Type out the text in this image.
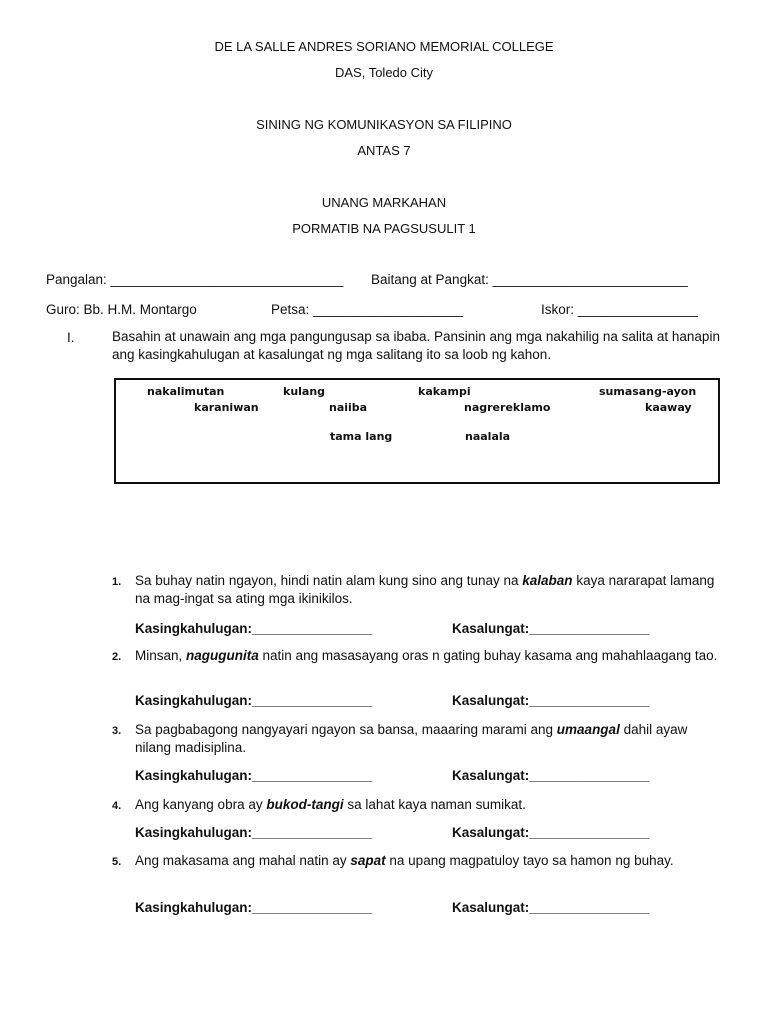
DE LA SALLE ANDRES SORIANO MEMORIAL COLLEGE
DAS, Toledo City
SINING NG KOMUNIKASYON SA FILIPINO
ANTAS 7
UNANG MARKAHAN
PORMATIB NA PAGSUSULIT 1
Pangalan: _______________________________ Baitang at Pangkat: __________________________
Guro: Bb. H.M. Montargo	Petsa: ____________________	Iskor: ________________
I.	Basahin at unawain ang mga pangungusap sa ibaba. Pansinin ang mga nakahilig na salita at hanapin ang kasingkahulugan at kasalungat ng mga salitang ito sa loob ng kahon.
nakalimutan	kulang	kakampi	sumasang-ayon
karaniwan	naiiba	nagrereklamo	kaaway
tama lang	naalala
1. Sa buhay natin ngayon, hindi natin alam kung sino ang tunay na kalaban kaya nararapat lamang na mag-ingat sa ating mga ikinikilos.
Kasingkahulugan:________________	Kasalungat:________________
2. Minsan, nagugunita natin ang masasayang oras n gating buhay kasama ang mahahlaagang tao.
Kasingkahulugan:________________	Kasalungat:________________
3. Sa pagbabagong nangyayari ngayon sa bansa, maaaring marami ang umaangal dahil ayaw nilang madisiplina.
Kasingkahulugan:________________	Kasalungat:________________
4. Ang kanyang obra ay bukod-tangi sa lahat kaya naman sumikat.
Kasingkahulugan:________________	Kasalungat:________________
5. Ang makasama ang mahal natin ay sapat na upang magpatuloy tayo sa hamon ng buhay.
Kasingkahulugan:________________	Kasalungat:________________
